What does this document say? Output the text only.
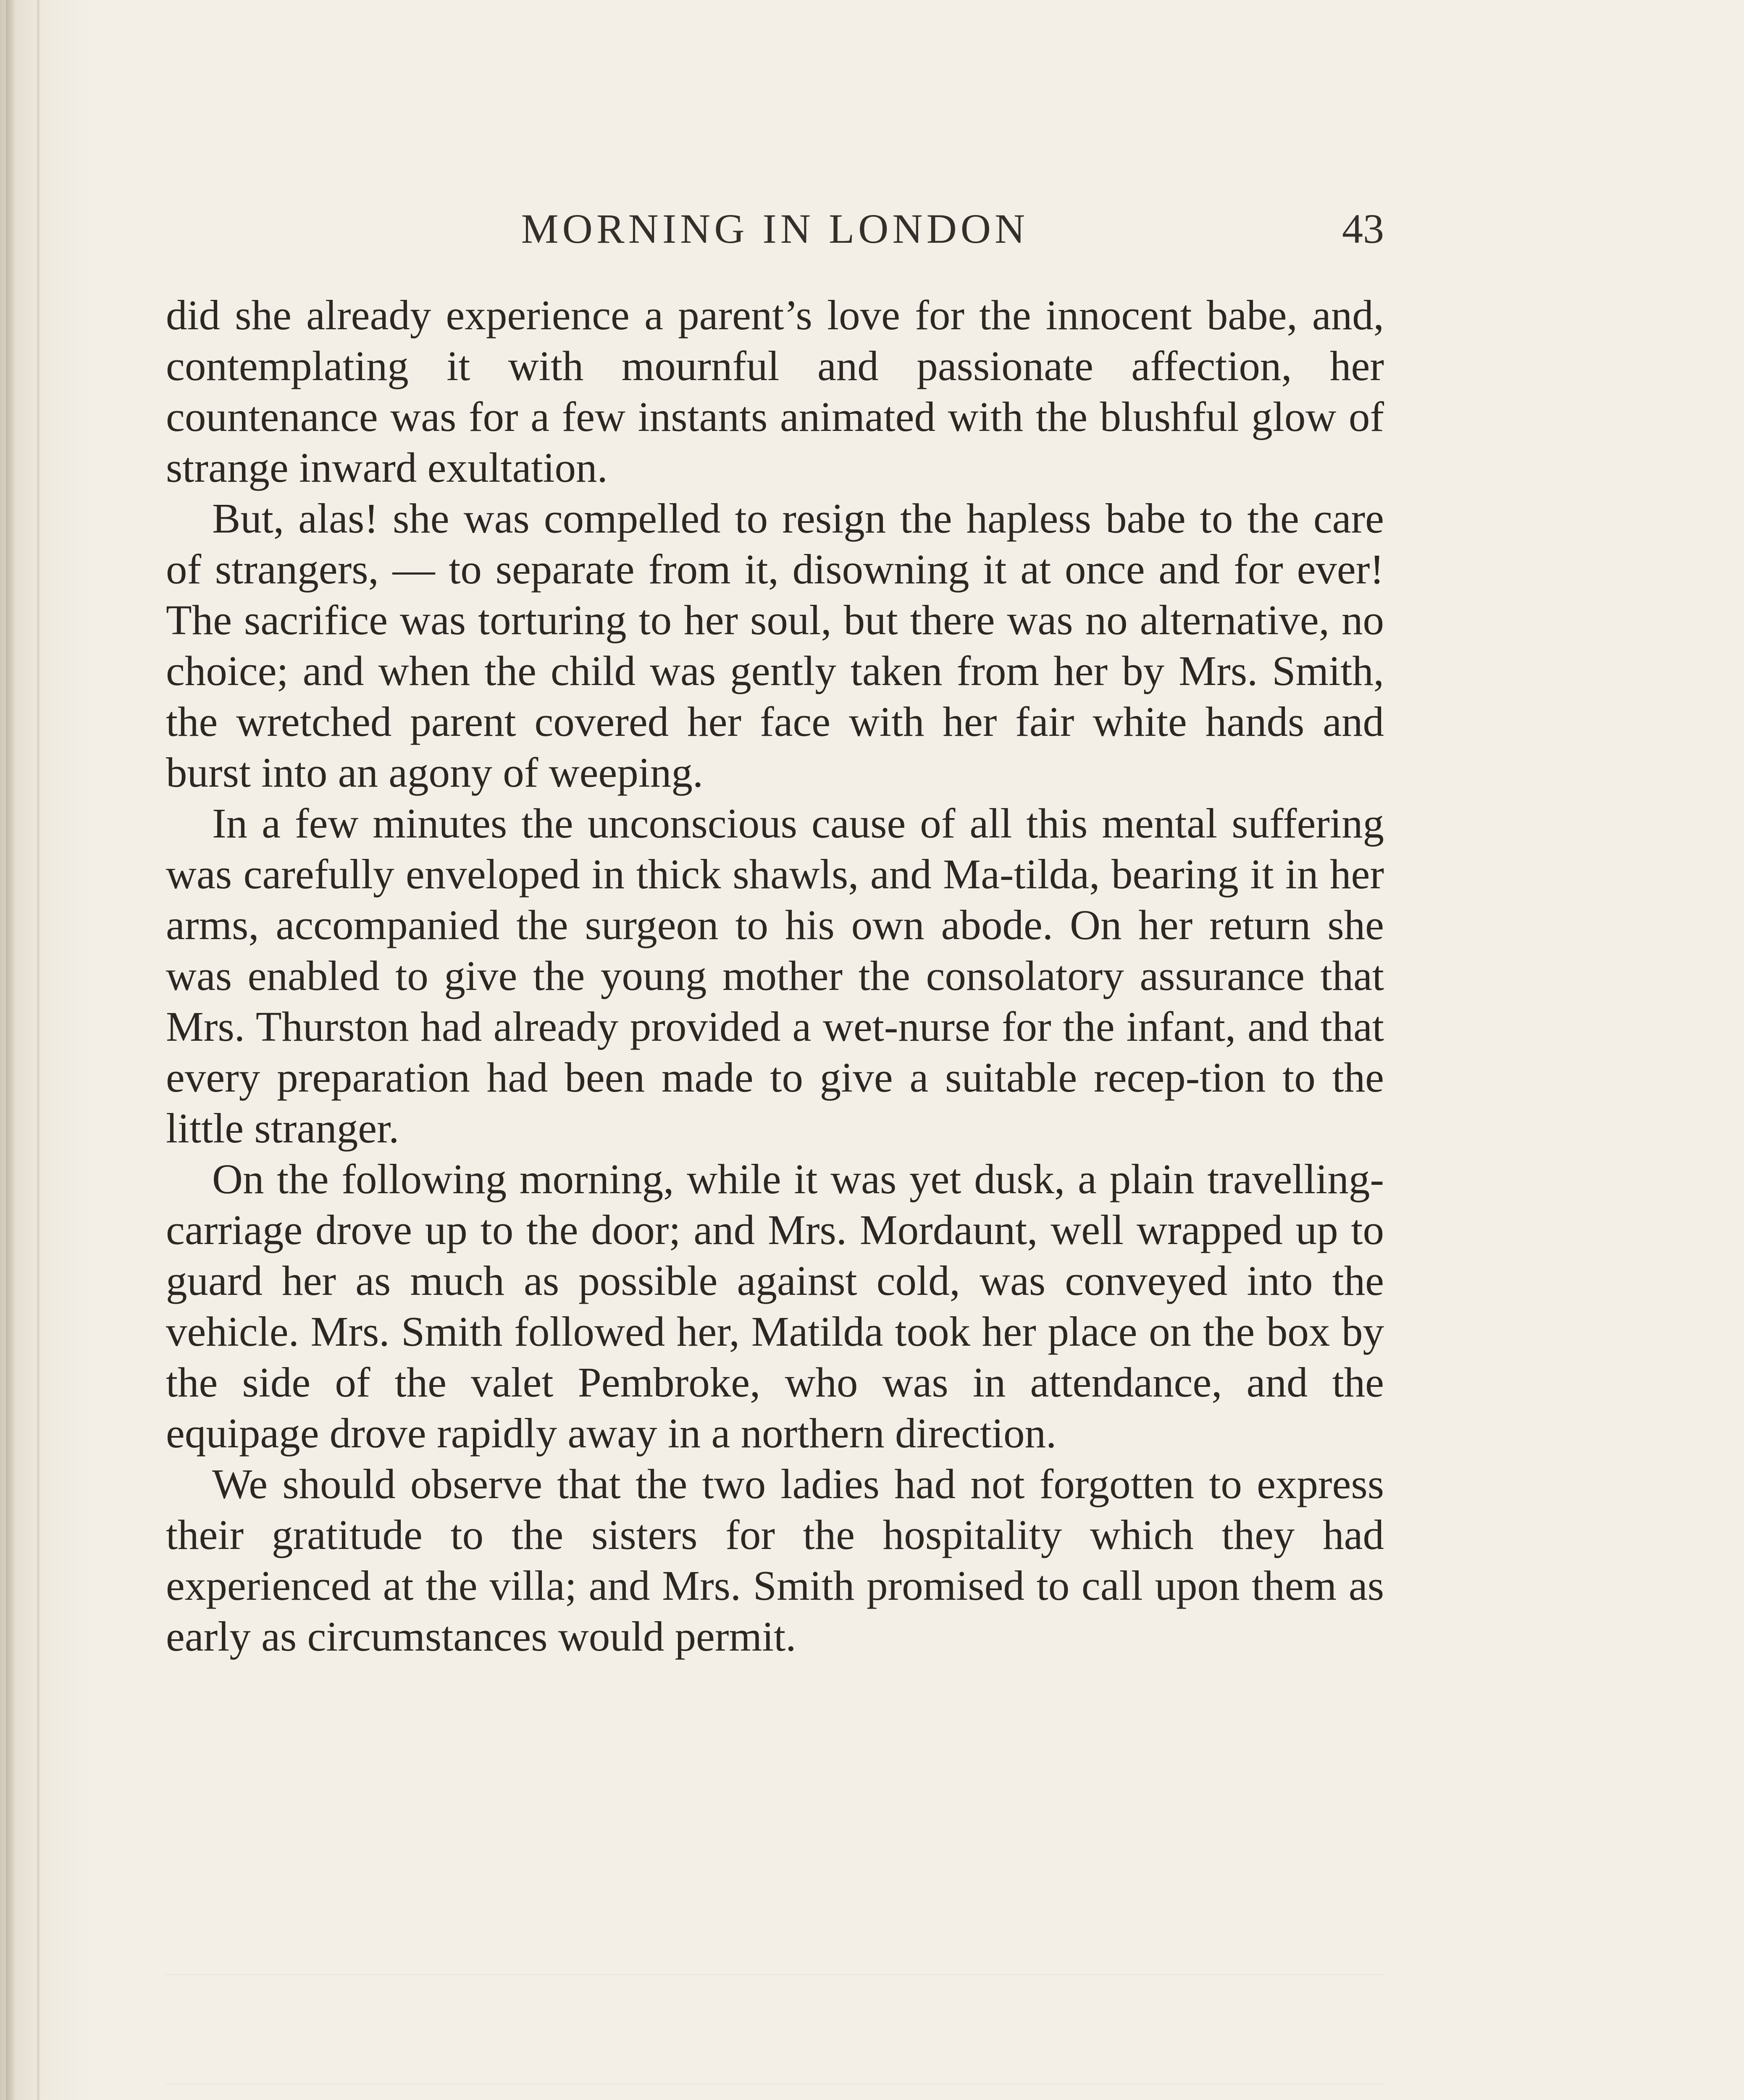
MORNING IN LONDON	43

did she already experience a parent’s love for the innocent babe, and, contemplating it with mournful and passionate affection, her countenance was for a few instants animated with the blushful glow of strange inward exultation.

But, alas! she was compelled to resign the hapless babe to the care of strangers, — to separate from it, disowning it at once and for ever! The sacrifice was torturing to her soul, but there was no alternative, no choice; and when the child was gently taken from her by Mrs. Smith, the wretched parent covered her face with her fair white hands and burst into an agony of weeping.

In a few minutes the unconscious cause of all this mental suffering was carefully enveloped in thick shawls, and Ma-tilda, bearing it in her arms, accompanied the surgeon to his own abode. On her return she was enabled to give the young mother the consolatory assurance that Mrs. Thurston had already provided a wet-nurse for the infant, and that every preparation had been made to give a suitable recep-tion to the little stranger.

On the following morning, while it was yet dusk, a plain travelling-carriage drove up to the door; and Mrs. Mordaunt, well wrapped up to guard her as much as possible against cold, was conveyed into the vehicle. Mrs. Smith followed her, Matilda took her place on the box by the side of the valet Pembroke, who was in attendance, and the equipage drove rapidly away in a northern direction.

We should observe that the two ladies had not forgotten to express their gratitude to the sisters for the hospitality which they had experienced at the villa; and Mrs. Smith promised to call upon them as early as circumstances would permit.
